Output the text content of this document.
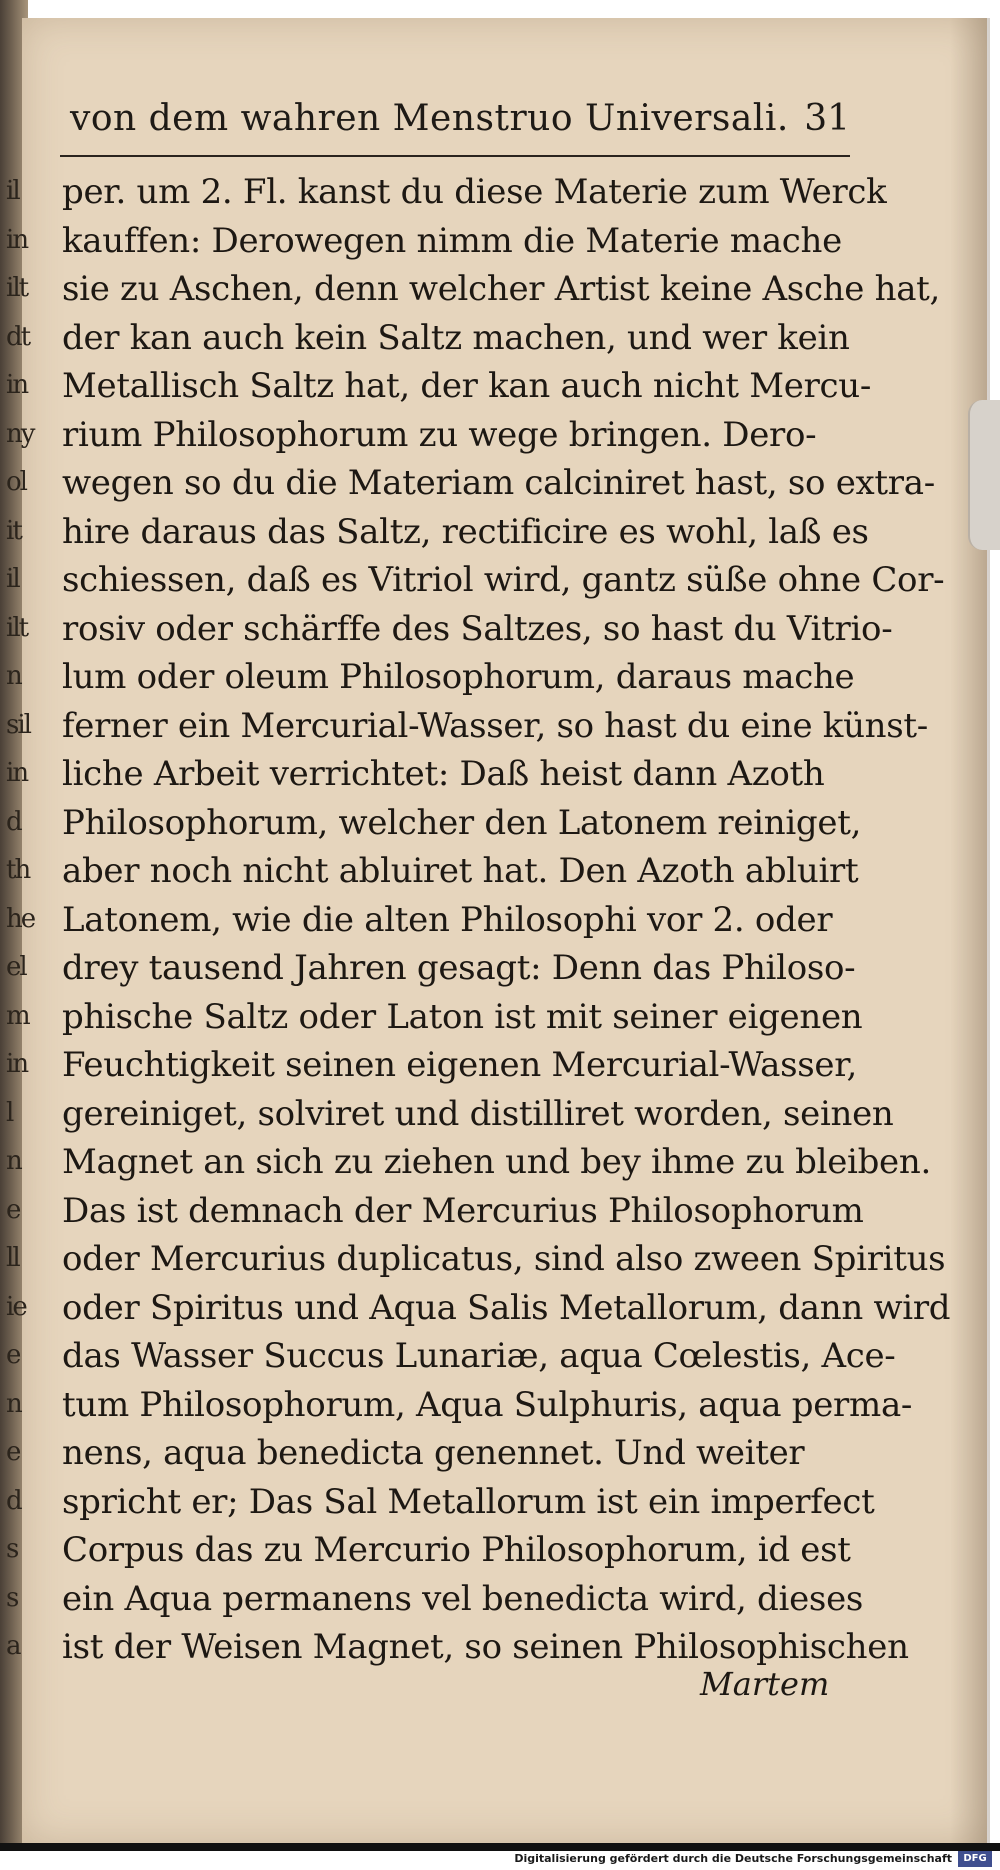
von dem wahren Menstruo Universali. 31
il
in
ilt
dt
in
ny
ol
it
il
ilt
n
sil
in
d
th
he
el
m
in
l
n
e
ll
ie
e
n
e
d
s
s
a
per. um 2. Fl. kanst du diese Materie zum Werck
kauffen: Derowegen nimm die Materie mache
sie zu Aschen, denn welcher Artist keine Asche hat,
der kan auch kein Saltz machen, und wer kein
Metallisch Saltz hat, der kan auch nicht Mercu-
rium Philosophorum zu wege bringen. Dero-
wegen so du die Materiam calciniret hast, so extra-
hire daraus das Saltz, rectificire es wohl, laß es
schiessen, daß es Vitriol wird, gantz süße ohne Cor-
rosiv oder schärffe des Saltzes, so hast du Vitrio-
lum oder oleum Philosophorum, daraus mache
ferner ein Mercurial-Wasser, so hast du eine künst-
liche Arbeit verrichtet: Daß heist dann Azoth
Philosophorum, welcher den Latonem reiniget,
aber noch nicht abluiret hat. Den Azoth abluirt
Latonem, wie die alten Philosophi vor 2. oder
drey tausend Jahren gesagt: Denn das Philoso-
phische Saltz oder Laton ist mit seiner eigenen
Feuchtigkeit seinen eigenen Mercurial-Wasser,
gereiniget, solviret und distilliret worden, seinen
Magnet an sich zu ziehen und bey ihme zu bleiben.
Das ist demnach der Mercurius Philosophorum
oder Mercurius duplicatus, sind also zween Spiritus
oder Spiritus und Aqua Salis Metallorum, dann wird
das Wasser Succus Lunariæ, aqua Cœlestis, Ace-
tum Philosophorum, Aqua Sulphuris, aqua perma-
nens, aqua benedicta genennet. Und weiter
spricht er; Das Sal Metallorum ist ein imperfect
Corpus das zu Mercurio Philosophorum, id est
ein Aqua permanens vel benedicta wird, dieses
ist der Weisen Magnet, so seinen Philosophischen
Martem
Digitalisierung gefördert durch die Deutsche Forschungsgemeinschaft	DFG
